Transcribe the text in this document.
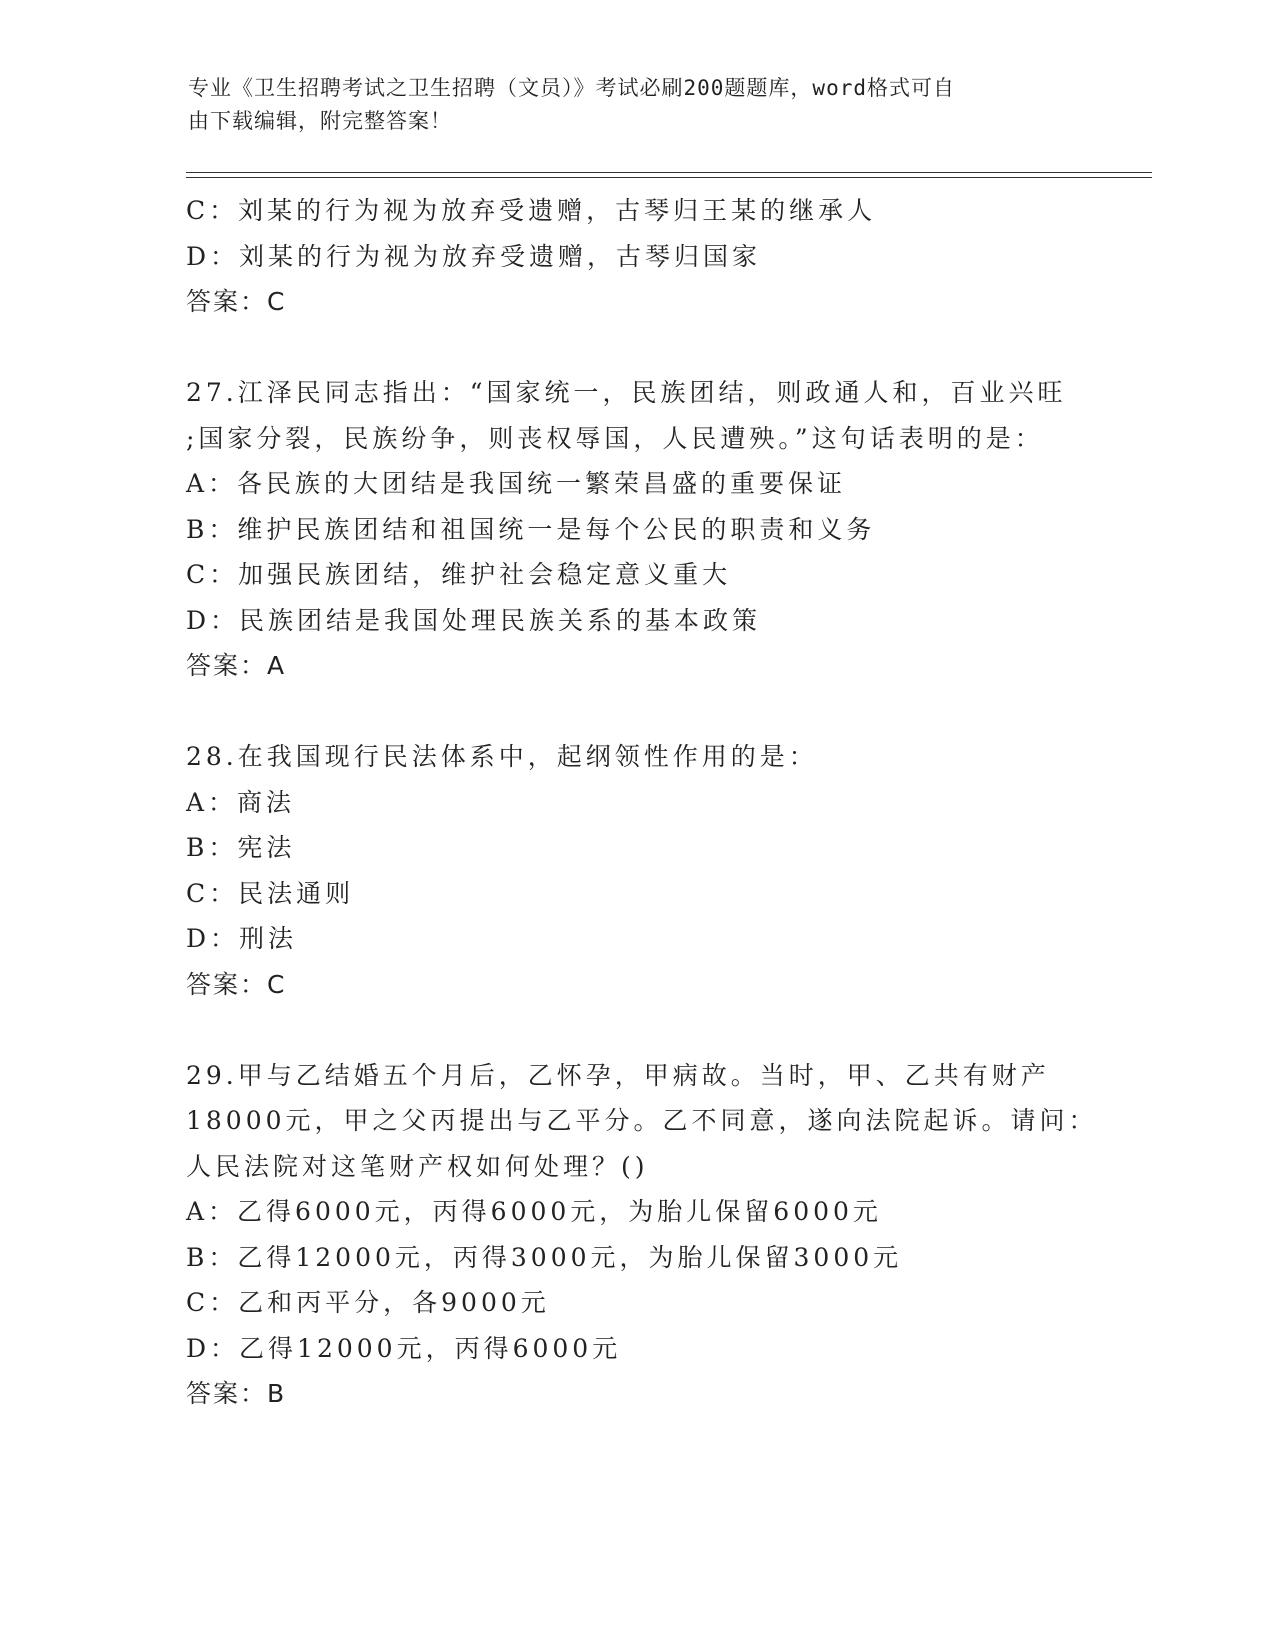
专业《卫生招聘考试之卫生招聘（文员）》考试必刷200题题库，word格式可自
由下载编辑，附完整答案！
C：刘某的行为视为放弃受遗赠，古琴归王某的继承人
D：刘某的行为视为放弃受遗赠，古琴归国家
答案：C
27.江泽民同志指出：“国家统一，民族团结，则政通人和，百业兴旺
;国家分裂，民族纷争，则丧权辱国，人民遭殃。”这句话表明的是：
A：各民族的大团结是我国统一繁荣昌盛的重要保证
B：维护民族团结和祖国统一是每个公民的职责和义务
C：加强民族团结，维护社会稳定意义重大
D：民族团结是我国处理民族关系的基本政策
答案：A
28.在我国现行民法体系中，起纲领性作用的是：
A：商法
B：宪法
C：民法通则
D：刑法
答案：C
29.甲与乙结婚五个月后，乙怀孕，甲病故。当时，甲、乙共有财产
18000元，甲之父丙提出与乙平分。乙不同意，遂向法院起诉。请问：
人民法院对这笔财产权如何处理？()
A：乙得6000元，丙得6000元，为胎儿保留6000元
B：乙得12000元，丙得3000元，为胎儿保留3000元
C：乙和丙平分，各9000元
D：乙得12000元，丙得6000元
答案：B
